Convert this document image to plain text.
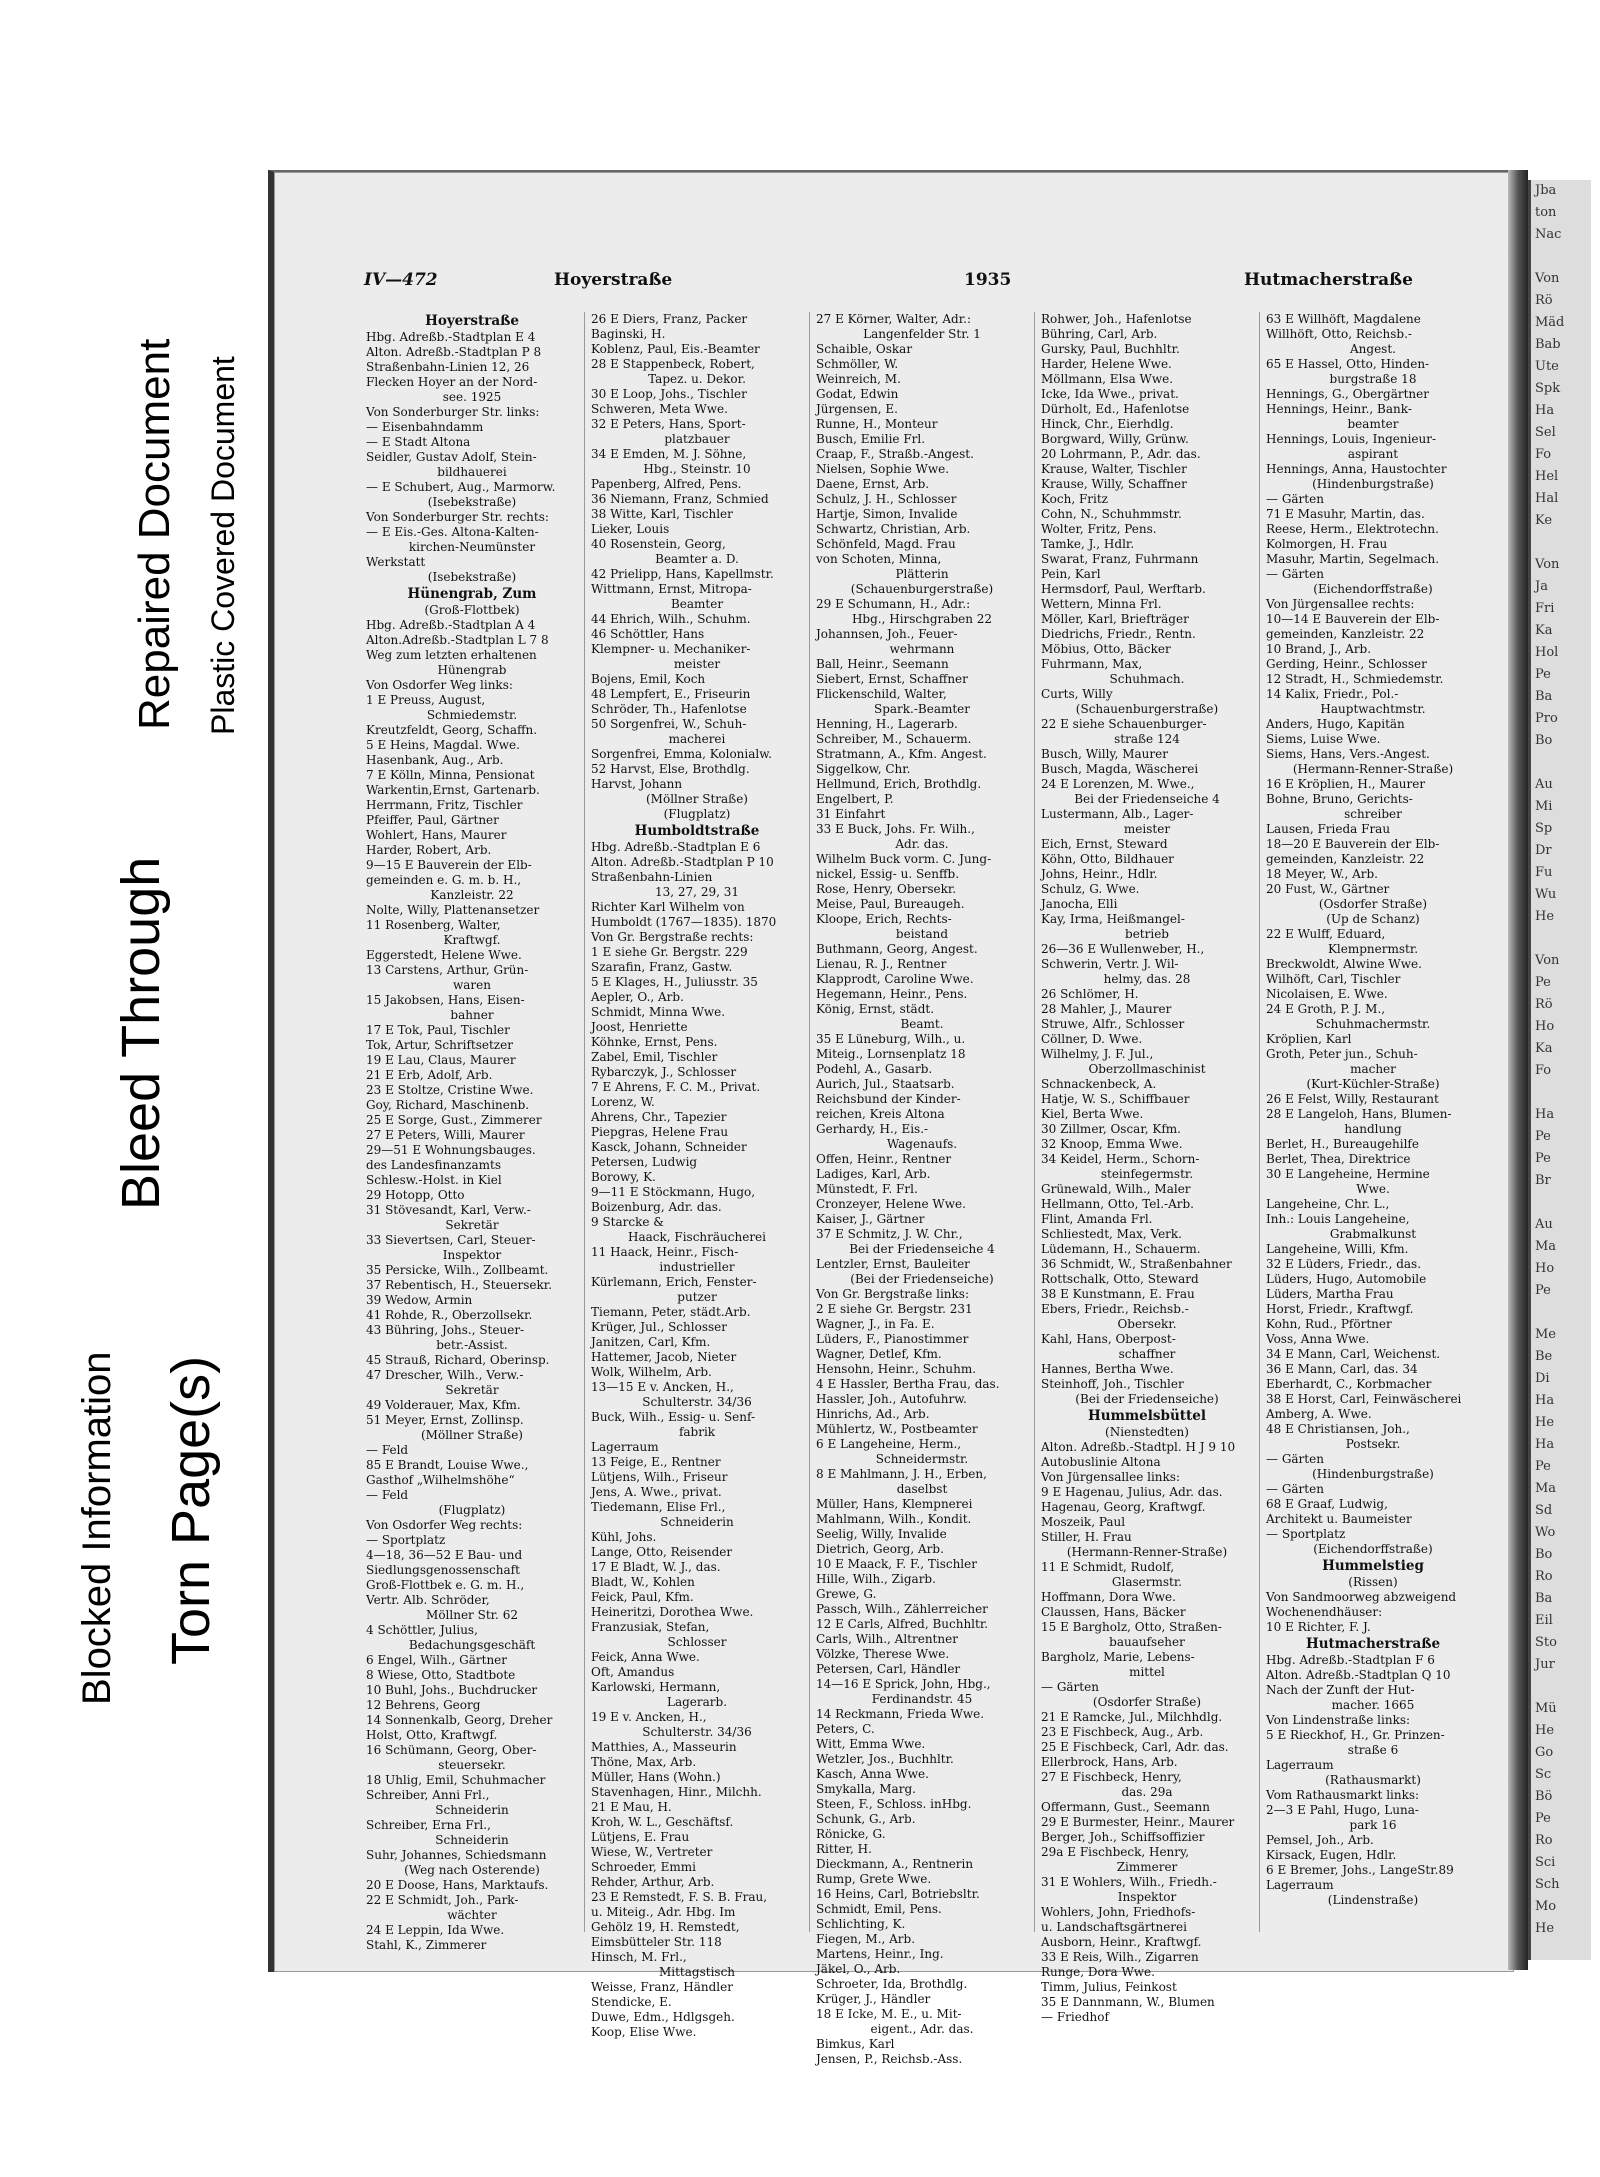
Blocked Information Torn Page(s)
Bleed Through
Repaired Document Plastic Covered Document
IV—472	Hoyerstraße	1935	Hutmacherstraße
Hoyerstraße
Hbg. Adreßb.-Stadtplan E 4
Alton. Adreßb.-Stadtplan P 8
Straßenbahn-Linien 12, 26
Flecken Hoyer an der Nord-
see. 1925
Von Sonderburger Str. links:
— Eisenbahndamm
— E Stadt Altona
Seidler, Gustav Adolf, Stein-
bildhauerei
— E Schubert, Aug., Marmorw.
(Isebekstraße)
Von Sonderburger Str. rechts:
— E Eis.-Ges. Altona-Kalten-
kirchen-Neumünster
Werkstatt
(Isebekstraße)
Hünengrab, Zum
(Groß-Flottbek)
Hbg. Adreßb.-Stadtplan A 4
Alton.Adreßb.-Stadtplan L 7 8
Weg zum letzten erhaltenen
Hünengrab
Von Osdorfer Weg links:
1 E Preuss, August,
Schmiedemstr.
Kreutzfeldt, Georg, Schaffn.
5 E Heins, Magdal. Wwe.
Hasenbank, Aug., Arb.
7 E Kölln, Minna, Pensionat
Warkentin,Ernst, Gartenarb.
Herrmann, Fritz, Tischler
Pfeiffer, Paul, Gärtner
Wohlert, Hans, Maurer
Harder, Robert, Arb.
9—15 E Bauverein der Elb-
gemeinden e. G. m. b. H.,
Kanzleistr. 22
Nolte, Willy, Plattenansetzer
11 Rosenberg, Walter,
Kraftwgf.
Eggerstedt, Helene Wwe.
13 Carstens, Arthur, Grün-
waren
15 Jakobsen, Hans, Eisen-
bahner
17 E Tok, Paul, Tischler
Tok, Artur, Schriftsetzer
19 E Lau, Claus, Maurer
21 E Erb, Adolf, Arb.
23 E Stoltze, Cristine Wwe.
Goy, Richard, Maschinenb.
25 E Sorge, Gust., Zimmerer
27 E Peters, Willi, Maurer
29—51 E Wohnungsbauges.
des Landesfinanzamts
Schlesw.-Holst. in Kiel
29 Hotopp, Otto
31 Stövesandt, Karl, Verw.-
Sekretär
33 Sievertsen, Carl, Steuer-
Inspektor
35 Persicke, Wilh., Zollbeamt.
37 Rebentisch, H., Steuersekr.
39 Wedow, Armin
41 Rohde, R., Oberzollsekr.
43 Bühring, Johs., Steuer-
betr.-Assist.
45 Strauß, Richard, Oberinsp.
47 Drescher, Wilh., Verw.-
Sekretär
49 Volderauer, Max, Kfm.
51 Meyer, Ernst, Zollinsp.
(Möllner Straße)
— Feld
85 E Brandt, Louise Wwe.,
Gasthof „Wilhelmshöhe“
— Feld
(Flugplatz)
Von Osdorfer Weg rechts:
— Sportplatz
4—18, 36—52 E Bau- und
Siedlungsgenossenschaft
Groß-Flottbek e. G. m. H.,
Vertr. Alb. Schröder,
Möllner Str. 62
4 Schöttler, Julius,
Bedachungsgeschäft
6 Engel, Wilh., Gärtner
8 Wiese, Otto, Stadtbote
10 Buhl, Johs., Buchdrucker
12 Behrens, Georg
14 Sonnenkalb, Georg, Dreher
Holst, Otto, Kraftwgf.
16 Schümann, Georg, Ober-
steuersekr.
18 Uhlig, Emil, Schuhmacher
Schreiber, Anni Frl.,
Schneiderin
Schreiber, Erna Frl.,
Schneiderin
Suhr, Johannes, Schiedsmann
(Weg nach Osterende)
20 E Doose, Hans, Marktaufs.
22 E Schmidt, Joh., Park-
wächter
24 E Leppin, Ida Wwe.
Stahl, K., Zimmerer
26 E Diers, Franz, Packer
Baginski, H.
Koblenz, Paul, Eis.-Beamter
28 E Stappenbeck, Robert,
Tapez. u. Dekor.
30 E Loop, Johs., Tischler
Schweren, Meta Wwe.
32 E Peters, Hans, Sport-
platzbauer
34 E Emden, M. J. Söhne,
Hbg., Steinstr. 10
Papenberg, Alfred, Pens.
36 Niemann, Franz, Schmied
38 Witte, Karl, Tischler
Lieker, Louis
40 Rosenstein, Georg,
Beamter a. D.
42 Prielipp, Hans, Kapellmstr.
Wittmann, Ernst, Mitropa-
Beamter
44 Ehrich, Wilh., Schuhm.
46 Schöttler, Hans
Klempner- u. Mechaniker-
meister
Bojens, Emil, Koch
48 Lempfert, E., Friseurin
Schröder, Th., Hafenlotse
50 Sorgenfrei, W., Schuh-
macherei
Sorgenfrei, Emma, Kolonialw.
52 Harvst, Else, Brothdlg.
Harvst, Johann
(Möllner Straße)
(Flugplatz)
Humboldtstraße
Hbg. Adreßb.-Stadtplan E 6
Alton. Adreßb.-Stadtplan P 10
Straßenbahn-Linien
13, 27, 29, 31
Richter Karl Wilhelm von
Humboldt (1767—1835). 1870
Von Gr. Bergstraße rechts:
1 E siehe Gr. Bergstr. 229
Szarafin, Franz, Gastw.
5 E Klages, H., Juliusstr. 35
Aepler, O., Arb.
Schmidt, Minna Wwe.
Joost, Henriette
Köhnke, Ernst, Pens.
Zabel, Emil, Tischler
Rybarczyk, J., Schlosser
7 E Ahrens, F. C. M., Privat.
Lorenz, W.
Ahrens, Chr., Tapezier
Piepgras, Helene Frau
Kasck, Johann, Schneider
Petersen, Ludwig
Borowy, K.
9—11 E Stöckmann, Hugo,
Boizenburg, Adr. das.
9 Starcke &
Haack, Fischräucherei
11 Haack, Heinr., Fisch-
industrieller
Kürlemann, Erich, Fenster-
putzer
Tiemann, Peter, städt.Arb.
Krüger, Jul., Schlosser
Janitzen, Carl, Kfm.
Hattemer, Jacob, Nieter
Wolk, Wilhelm, Arb.
13—15 E v. Ancken, H.,
Schulterstr. 34/36
Buck, Wilh., Essig- u. Senf-
fabrik
Lagerraum
13 Feige, E., Rentner
Lütjens, Wilh., Friseur
Jens, A. Wwe., privat.
Tiedemann, Elise Frl.,
Schneiderin
Kühl, Johs.
Lange, Otto, Reisender
17 E Bladt, W. J., das.
Bladt, W., Kohlen
Feick, Paul, Kfm.
Heineritzi, Dorothea Wwe.
Franzusiak, Stefan,
Schlosser
Feick, Anna Wwe.
Oft, Amandus
Karlowski, Hermann,
Lagerarb.
19 E v. Ancken, H.,
Schulterstr. 34/36
Matthies, A., Masseurin
Thöne, Max, Arb.
Müller, Hans (Wohn.)
Stavenhagen, Hinr., Milchh.
21 E Mau, H.
Kroh, W. L., Geschäftsf.
Lütjens, E. Frau
Wiese, W., Vertreter
Schroeder, Emmi
Rehder, Arthur, Arb.
23 E Remstedt, F. S. B. Frau,
u. Miteig., Adr. Hbg. Im
Gehölz 19, H. Remstedt,
Eimsbütteler Str. 118
Hinsch, M. Frl.,
Mittagstisch
Weisse, Franz, Händler
Stendicke, E.
Duwe, Edm., Hdlgsgeh.
Koop, Elise Wwe.
27 E Körner, Walter, Adr.:
Langenfelder Str. 1
Schaible, Oskar
Schmöller, W.
Weinreich, M.
Godat, Edwin
Jürgensen, E.
Runne, H., Monteur
Busch, Emilie Frl.
Craap, F., Straßb.-Angest.
Nielsen, Sophie Wwe.
Daene, Ernst, Arb.
Schulz, J. H., Schlosser
Hartje, Simon, Invalide
Schwartz, Christian, Arb.
Schönfeld, Magd. Frau
von Schoten, Minna,
Plätterin
(Schauenburgerstraße)
29 E Schumann, H., Adr.:
Hbg., Hirschgraben 22
Johannsen, Joh., Feuer-
wehrmann
Ball, Heinr., Seemann
Siebert, Ernst, Schaffner
Flickenschild, Walter,
Spark.-Beamter
Henning, H., Lagerarb.
Schreiber, M., Schauerm.
Stratmann, A., Kfm. Angest.
Siggelkow, Chr.
Hellmund, Erich, Brothdlg.
Engelbert, P.
31 Einfahrt
33 E Buck, Johs. Fr. Wilh.,
Adr. das.
Wilhelm Buck vorm. C. Jung-
nickel, Essig- u. Senffb.
Rose, Henry, Obersekr.
Meise, Paul, Bureaugeh.
Kloope, Erich, Rechts-
beistand
Buthmann, Georg, Angest.
Lienau, R. J., Rentner
Klapprodt, Caroline Wwe.
Hegemann, Heinr., Pens.
König, Ernst, städt.
Beamt.
35 E Lüneburg, Wilh., u.
Miteig., Lornsenplatz 18
Podehl, A., Gasarb.
Aurich, Jul., Staatsarb.
Reichsbund der Kinder-
reichen, Kreis Altona
Gerhardy, H., Eis.-
Wagenaufs.
Offen, Heinr., Rentner
Ladiges, Karl, Arb.
Münstedt, F. Frl.
Cronzeyer, Helene Wwe.
Kaiser, J., Gärtner
37 E Schmitz, J. W. Chr.,
Bei der Friedenseiche 4
Lentzler, Ernst, Bauleiter
(Bei der Friedenseiche)
Von Gr. Bergstraße links:
2 E siehe Gr. Bergstr. 231
Wagner, J., in Fa. E.
Lüders, F., Pianostimmer
Wagner, Detlef, Kfm.
Hensohn, Heinr., Schuhm.
4 E Hassler, Bertha Frau, das.
Hassler, Joh., Autofuhrw.
Hinrichs, Ad., Arb.
Mühlertz, W., Postbeamter
6 E Langeheine, Herm.,
Schneidermstr.
8 E Mahlmann, J. H., Erben,
daselbst
Müller, Hans, Klempnerei
Mahlmann, Wilh., Kondit.
Seelig, Willy, Invalide
Dietrich, Georg, Arb.
10 E Maack, F. F., Tischler
Hille, Wilh., Zigarb.
Grewe, G.
Passch, Wilh., Zählerreicher
12 E Carls, Alfred, Buchhltr.
Carls, Wilh., Altrentner
Völzke, Therese Wwe.
Petersen, Carl, Händler
14—16 E Sprick, John, Hbg.,
Ferdinandstr. 45
14 Reckmann, Frieda Wwe.
Peters, C.
Witt, Emma Wwe.
Wetzler, Jos., Buchhltr.
Kasch, Anna Wwe.
Smykalla, Marg.
Steen, F., Schloss. inHbg.
Schunk, G., Arb.
Rönicke, G.
Ritter, H.
Dieckmann, A., Rentnerin
Rump, Grete Wwe.
16 Heins, Carl, Botriebsltr.
Schmidt, Emil, Pens.
Schlichting, K.
Fiegen, M., Arb.
Martens, Heinr., Ing.
Jäkel, O., Arb.
Schroeter, Ida, Brothdlg.
Krüger, J., Händler
18 E Icke, M. E., u. Mit-
eigent., Adr. das.
Bimkus, Karl
Jensen, P., Reichsb.-Ass.
Rohwer, Joh., Hafenlotse
Bühring, Carl, Arb.
Gursky, Paul, Buchhltr.
Harder, Helene Wwe.
Möllmann, Elsa Wwe.
Icke, Ida Wwe., privat.
Dürholt, Ed., Hafenlotse
Hinck, Chr., Eierhdlg.
Borgward, Willy, Grünw.
20 Lohrmann, P., Adr. das.
Krause, Walter, Tischler
Krause, Willy, Schaffner
Koch, Fritz
Cohn, N., Schuhmmstr.
Wolter, Fritz, Pens.
Tamke, J., Hdlr.
Swarat, Franz, Fuhrmann
Pein, Karl
Hermsdorf, Paul, Werftarb.
Wettern, Minna Frl.
Möller, Karl, Briefträger
Diedrichs, Friedr., Rentn.
Möbius, Otto, Bäcker
Fuhrmann, Max,
Schuhmach.
Curts, Willy
(Schauenburgerstraße)
22 E siehe Schauenburger-
straße 124
Busch, Willy, Maurer
Busch, Magda, Wäscherei
24 E Lorenzen, M. Wwe.,
Bei der Friedenseiche 4
Lustermann, Alb., Lager-
meister
Eich, Ernst, Steward
Köhn, Otto, Bildhauer
Johns, Heinr., Hdlr.
Schulz, G. Wwe.
Janocha, Elli
Kay, Irma, Heißmangel-
betrieb
26—36 E Wullenweber, H.,
Schwerin, Vertr. J. Wil-
helmy, das. 28
26 Schlömer, H.
28 Mahler, J., Maurer
Struwe, Alfr., Schlosser
Cöllner, D. Wwe.
Wilhelmy, J. F. Jul.,
Oberzollmaschinist
Schnackenbeck, A.
Hatje, W. S., Schiffbauer
Kiel, Berta Wwe.
30 Zillmer, Oscar, Kfm.
32 Knoop, Emma Wwe.
34 Keidel, Herm., Schorn-
steinfegermstr.
Grünewald, Wilh., Maler
Hellmann, Otto, Tel.-Arb.
Flint, Amanda Frl.
Schliestedt, Max, Verk.
Lüdemann, H., Schauerm.
36 Schmidt, W., Straßenbahner
Rottschalk, Otto, Steward
38 E Kunstmann, E. Frau
Ebers, Friedr., Reichsb.-
Obersekr.
Kahl, Hans, Oberpost-
schaffner
Hannes, Bertha Wwe.
Steinhoff, Joh., Tischler
(Bei der Friedenseiche)
Hummelsbüttel
(Nienstedten)
Alton. Adreßb.-Stadtpl. H J 9 10
Autobuslinie Altona
Von Jürgensallee links:
9 E Hagenau, Julius, Adr. das.
Hagenau, Georg, Kraftwgf.
Moszeik, Paul
Stiller, H. Frau
(Hermann-Renner-Straße)
11 E Schmidt, Rudolf,
Glasermstr.
Hoffmann, Dora Wwe.
Claussen, Hans, Bäcker
15 E Bargholz, Otto, Straßen-
bauaufseher
Bargholz, Marie, Lebens-
mittel
— Gärten
(Osdorfer Straße)
21 E Ramcke, Jul., Milchhdlg.
23 E Fischbeck, Aug., Arb.
25 E Fischbeck, Carl, Adr. das.
Ellerbrock, Hans, Arb.
27 E Fischbeck, Henry,
das. 29a
Offermann, Gust., Seemann
29 E Burmester, Heinr., Maurer
Berger, Joh., Schiffsoffizier
29a E Fischbeck, Henry,
Zimmerer
31 E Wohlers, Wilh., Friedh.-
Inspektor
Wohlers, John, Friedhofs-
u. Landschaftsgärtnerei
Ausborn, Heinr., Kraftwgf.
33 E Reis, Wilh., Zigarren
Runge, Dora Wwe.
Timm, Julius, Feinkost
35 E Dannmann, W., Blumen
— Friedhof
63 E Willhöft, Magdalene
Willhöft, Otto, Reichsb.-
Angest.
65 E Hassel, Otto, Hinden-
burgstraße 18
Hennings, G., Obergärtner
Hennings, Heinr., Bank-
beamter
Hennings, Louis, Ingenieur-
aspirant
Hennings, Anna, Haustochter
(Hindenburgstraße)
— Gärten
71 E Masuhr, Martin, das.
Reese, Herm., Elektrotechn.
Kolmorgen, H. Frau
Masuhr, Martin, Segelmach.
— Gärten
(Eichendorffstraße)
Von Jürgensallee rechts:
10—14 E Bauverein der Elb-
gemeinden, Kanzleistr. 22
10 Brand, J., Arb.
Gerding, Heinr., Schlosser
12 Stradt, H., Schmiedemstr.
14 Kalix, Friedr., Pol.-
Hauptwachtmstr.
Anders, Hugo, Kapitän
Siems, Luise Wwe.
Siems, Hans, Vers.-Angest.
(Hermann-Renner-Straße)
16 E Kröplien, H., Maurer
Bohne, Bruno, Gerichts-
schreiber
Lausen, Frieda Frau
18—20 E Bauverein der Elb-
gemeinden, Kanzleistr. 22
18 Meyer, W., Arb.
20 Fust, W., Gärtner
(Osdorfer Straße)
(Up de Schanz)
22 E Wulff, Eduard,
Klempnermstr.
Breckwoldt, Alwine Wwe.
Wilhöft, Carl, Tischler
Nicolaisen, E. Wwe.
24 E Groth, P. J. M.,
Schuhmachermstr.
Kröplien, Karl
Groth, Peter jun., Schuh-
macher
(Kurt-Küchler-Straße)
26 E Felst, Willy, Restaurant
28 E Langeloh, Hans, Blumen-
handlung
Berlet, H., Bureaugehilfe
Berlet, Thea, Direktrice
30 E Langeheine, Hermine
Wwe.
Langeheine, Chr. L.,
Inh.: Louis Langeheine,
Grabmalkunst
Langeheine, Willi, Kfm.
32 E Lüders, Friedr., das.
Lüders, Hugo, Automobile
Lüders, Martha Frau
Horst, Friedr., Kraftwgf.
Kohn, Rud., Pförtner
Voss, Anna Wwe.
34 E Mann, Carl, Weichenst.
36 E Mann, Carl, das. 34
Eberhardt, C., Korbmacher
38 E Horst, Carl, Feinwäscherei
Amberg, A. Wwe.
48 E Christiansen, Joh.,
Postsekr.
— Gärten
(Hindenburgstraße)
— Gärten
68 E Graaf, Ludwig,
Architekt u. Baumeister
— Sportplatz
(Eichendorffstraße)
Hummelstieg
(Rissen)
Von Sandmoorweg abzweigend
Wochenendhäuser:
10 E Richter, F. J.
Hutmacherstraße
Hbg. Adreßb.-Stadtplan F 6
Alton. Adreßb.-Stadtplan Q 10
Nach der Zunft der Hut-
macher. 1665
Von Lindenstraße links:
5 E Rieckhof, H., Gr. Prinzen-
straße 6
Lagerraum
(Rathausmarkt)
Vom Rathausmarkt links:
2—3 E Pahl, Hugo, Luna-
park 16
Pemsel, Joh., Arb.
Kirsack, Eugen, Hdlr.
6 E Bremer, Johs., LangeStr.89
Lagerraum
(Lindenstraße)
Jba
ton
Nac

Von
Rö
Mäd
Bab
Ute
Spk
Ha
Sel
Fo
Hel
Hal
Ke

Von
Ja
Fri
Ka
Hol
Pe
Ba
Pro
Bo

Au
Mi
Sp
Dr
Fu
Wu
He

Von
Pe
Rö
Ho
Ka
Fo

Ha
Pe
Pe
Br

Au
Ma
Ho
Pe

Me
Be
Di
Ha
He
Ha
Pe
Ma
Sd
Wo
Bo
Ro
Ba
Eil
Sto
Jur

Mü
He
Go
Sc
Bö
Pe
Ro
Sci
Sch
Mo
He
